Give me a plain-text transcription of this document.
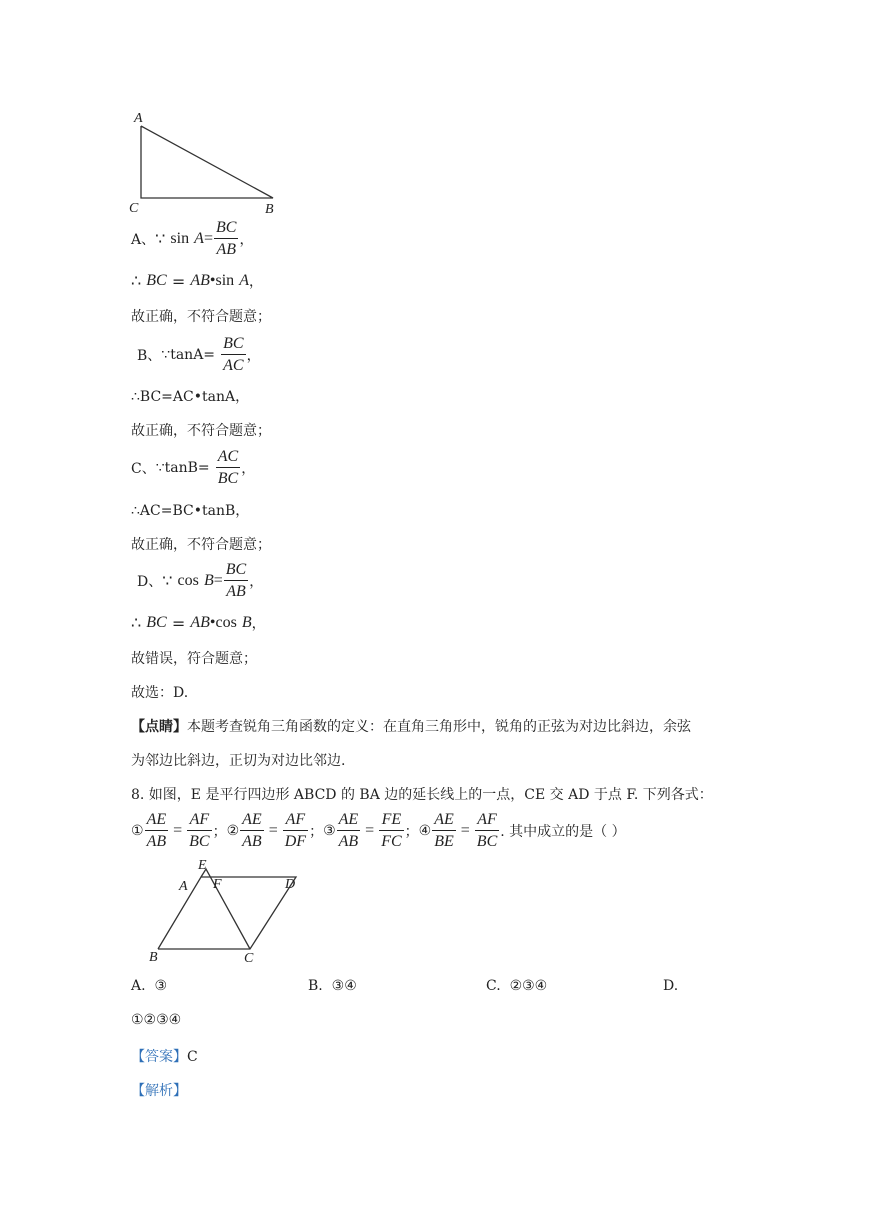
A
C	B
A、 ∵
sin
$A = \frac{BC}{AB}$ ，
∴
BC = AB • sin
A ，
故正确，不符合题意；
B、 ∵tanA=
$\frac{BC}{AC}$ ，
∴BC=AC•tanA，
故正确，不符合题意；
C、 ∵tanB=
$\frac{AC}{BC}$ ，
∴AC=BC•tanB，
故正确，不符合题意；
D、 ∵
cos
$B = \frac{BC}{AB}$ ，
∴
BC = AB • cos
B ，
故错误，符合题意；
故选：D.
【点睛】本题考查锐角三角函数的定义：在直角三角形中，锐角的正弦为对边比斜边，余弦
为邻边比斜边，正切为对边比邻边.
8. 如图，E 是平行四边形 ABCD 的 BA 边的延长线上的一点，CE 交 AD 于点 F. 下列各式：
① $\frac{AE}{AB} = \frac{AF}{BC}$ ； ② $\frac{AE}{AB} = \frac{AF}{DF}$ ； ③ $\frac{AE}{AB} = \frac{FE}{FC}$ ； ④ $\frac{AE}{BE} = \frac{AF}{BC}$ . 其中成立的是（ ）
E
A F	D
B	C
A. ③	B. ③④	C. ②③④	D.
①②③④
【答案】C
【解析】
